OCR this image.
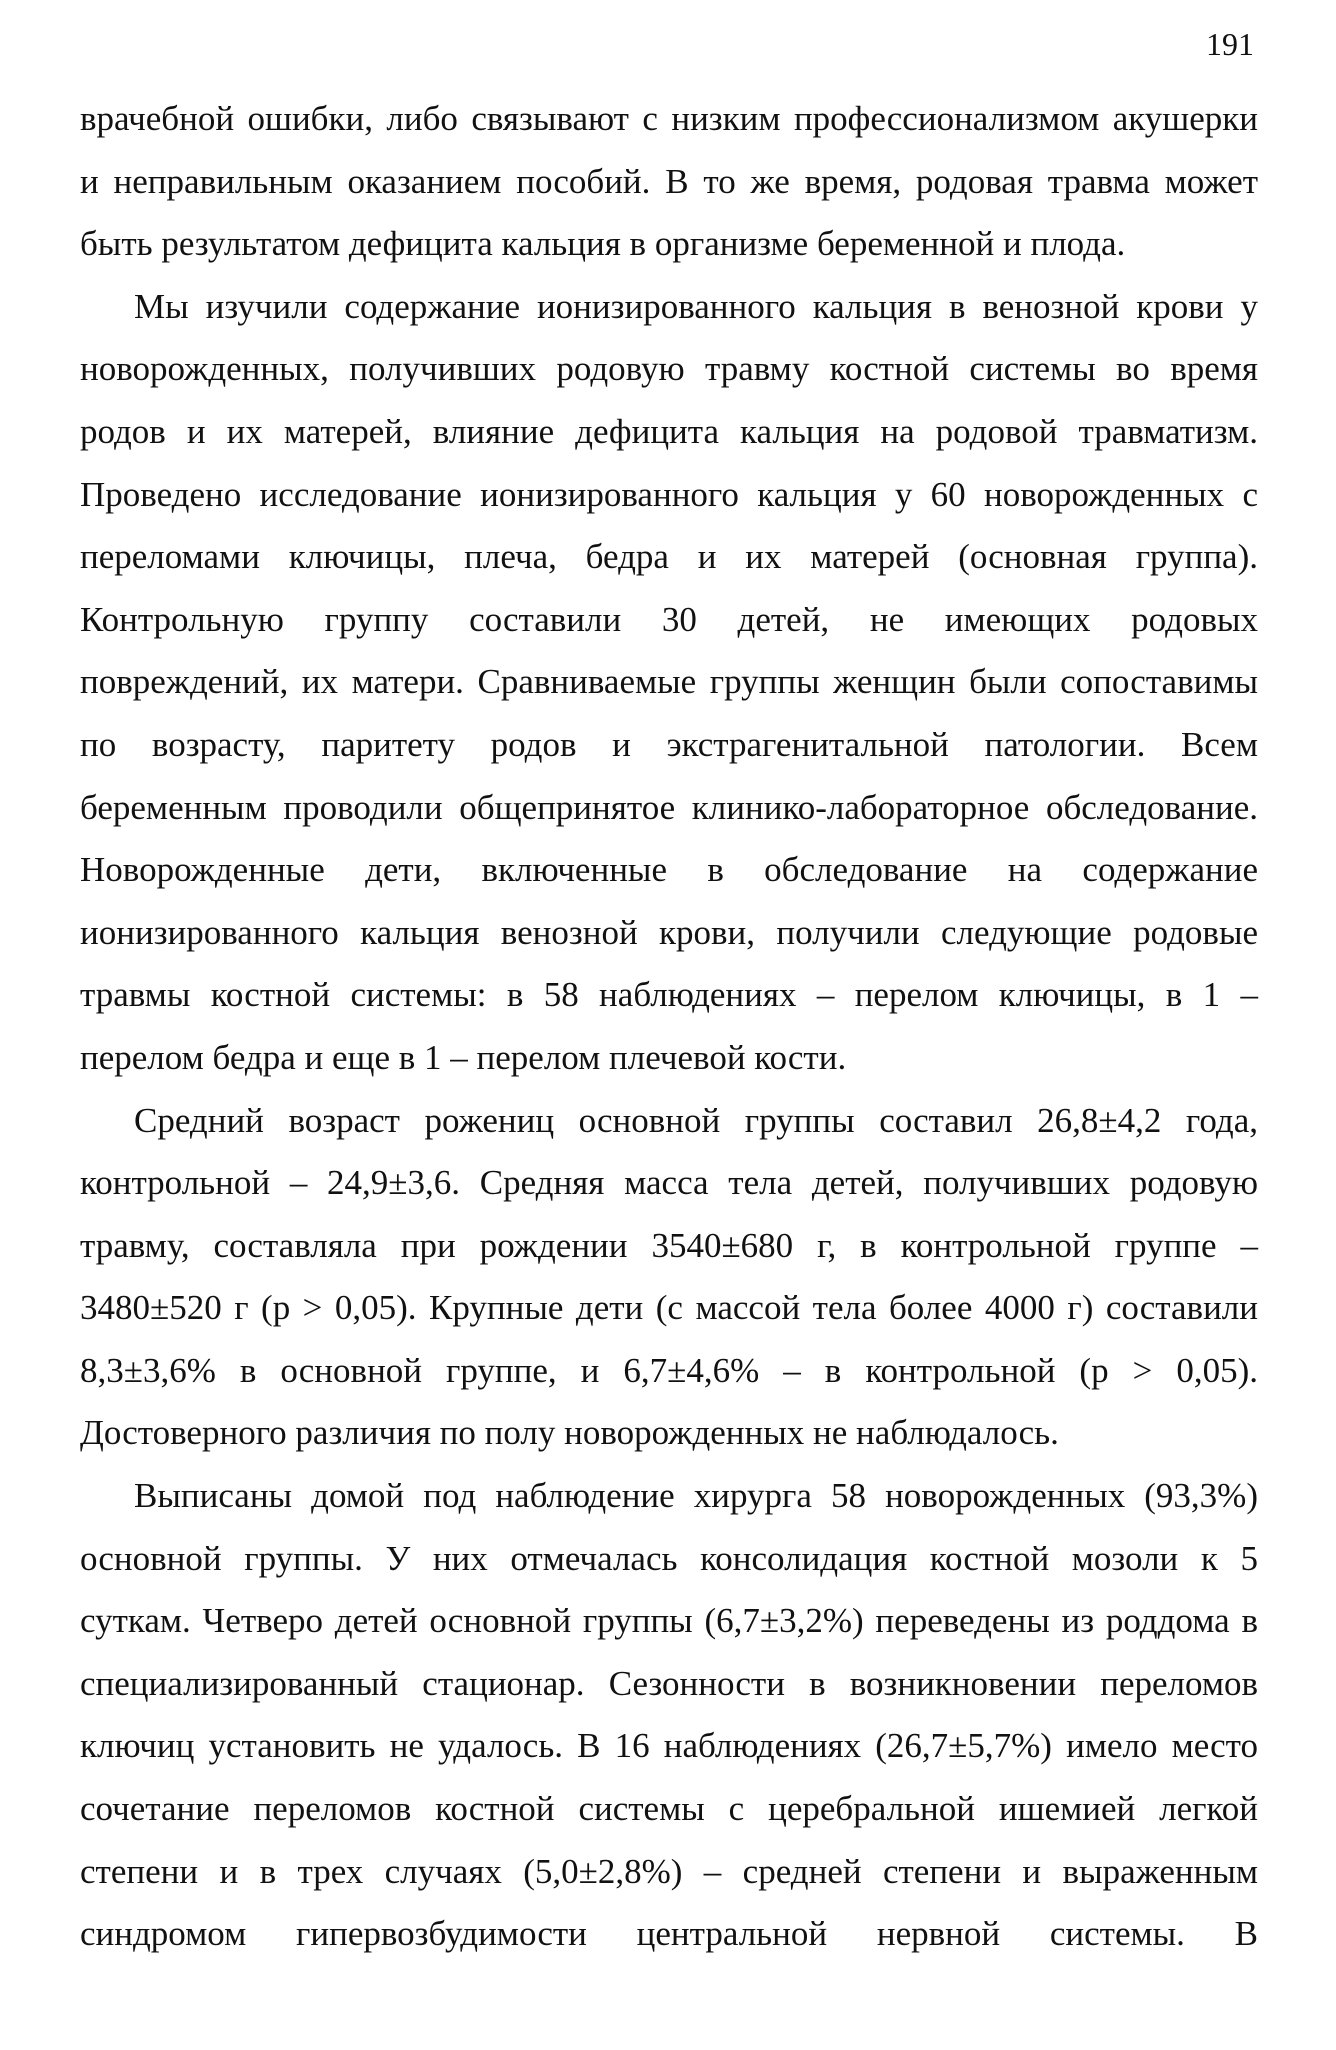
191
врачебной ошибки, либо связывают с низким профессионализмом акушерки
и неправильным оказанием пособий. В то же время, родовая травма может
быть результатом дефицита кальция в организме беременной и плода.
Мы изучили содержание ионизированного кальция в венозной крови у
новорожденных, получивших родовую травму костной системы во время
родов и их матерей, влияние дефицита кальция на родовой травматизм.
Проведено исследование ионизированного кальция у 60 новорожденных с
переломами ключицы, плеча, бедра и их матерей (основная группа).
Контрольную группу составили 30 детей, не имеющих родовых
повреждений, их матери. Сравниваемые группы женщин были сопоставимы
по возрасту, паритету родов и экстрагенитальной патологии. Всем
беременным проводили общепринятое клинико-лабораторное обследование.
Новорожденные дети, включенные в обследование на содержание
ионизированного кальция венозной крови, получили следующие родовые
травмы костной системы: в 58 наблюдениях – перелом ключицы, в 1 –
перелом бедра и еще в 1 – перелом плечевой кости.
Средний возраст рожениц основной группы составил 26,8±4,2 года,
контрольной – 24,9±3,6. Средняя масса тела детей, получивших родовую
травму, составляла при рождении 3540±680 г, в контрольной группе –
3480±520 г (р > 0,05). Крупные дети (с массой тела более 4000 г) составили
8,3±3,6% в основной группе, и 6,7±4,6% – в контрольной (р > 0,05).
Достоверного различия по полу новорожденных не наблюдалось.
Выписаны домой под наблюдение хирурга 58 новорожденных (93,3%)
основной группы. У них отмечалась консолидация костной мозоли к 5
суткам. Четверо детей основной группы (6,7±3,2%) переведены из роддома в
специализированный стационар. Сезонности в возникновении переломов
ключиц установить не удалось. В 16 наблюдениях (26,7±5,7%) имело место
сочетание переломов костной системы с церебральной ишемией легкой
степени и в трех случаях (5,0±2,8%) – средней степени и выраженным
синдромом гипервозбудимости центральной нервной системы. В
